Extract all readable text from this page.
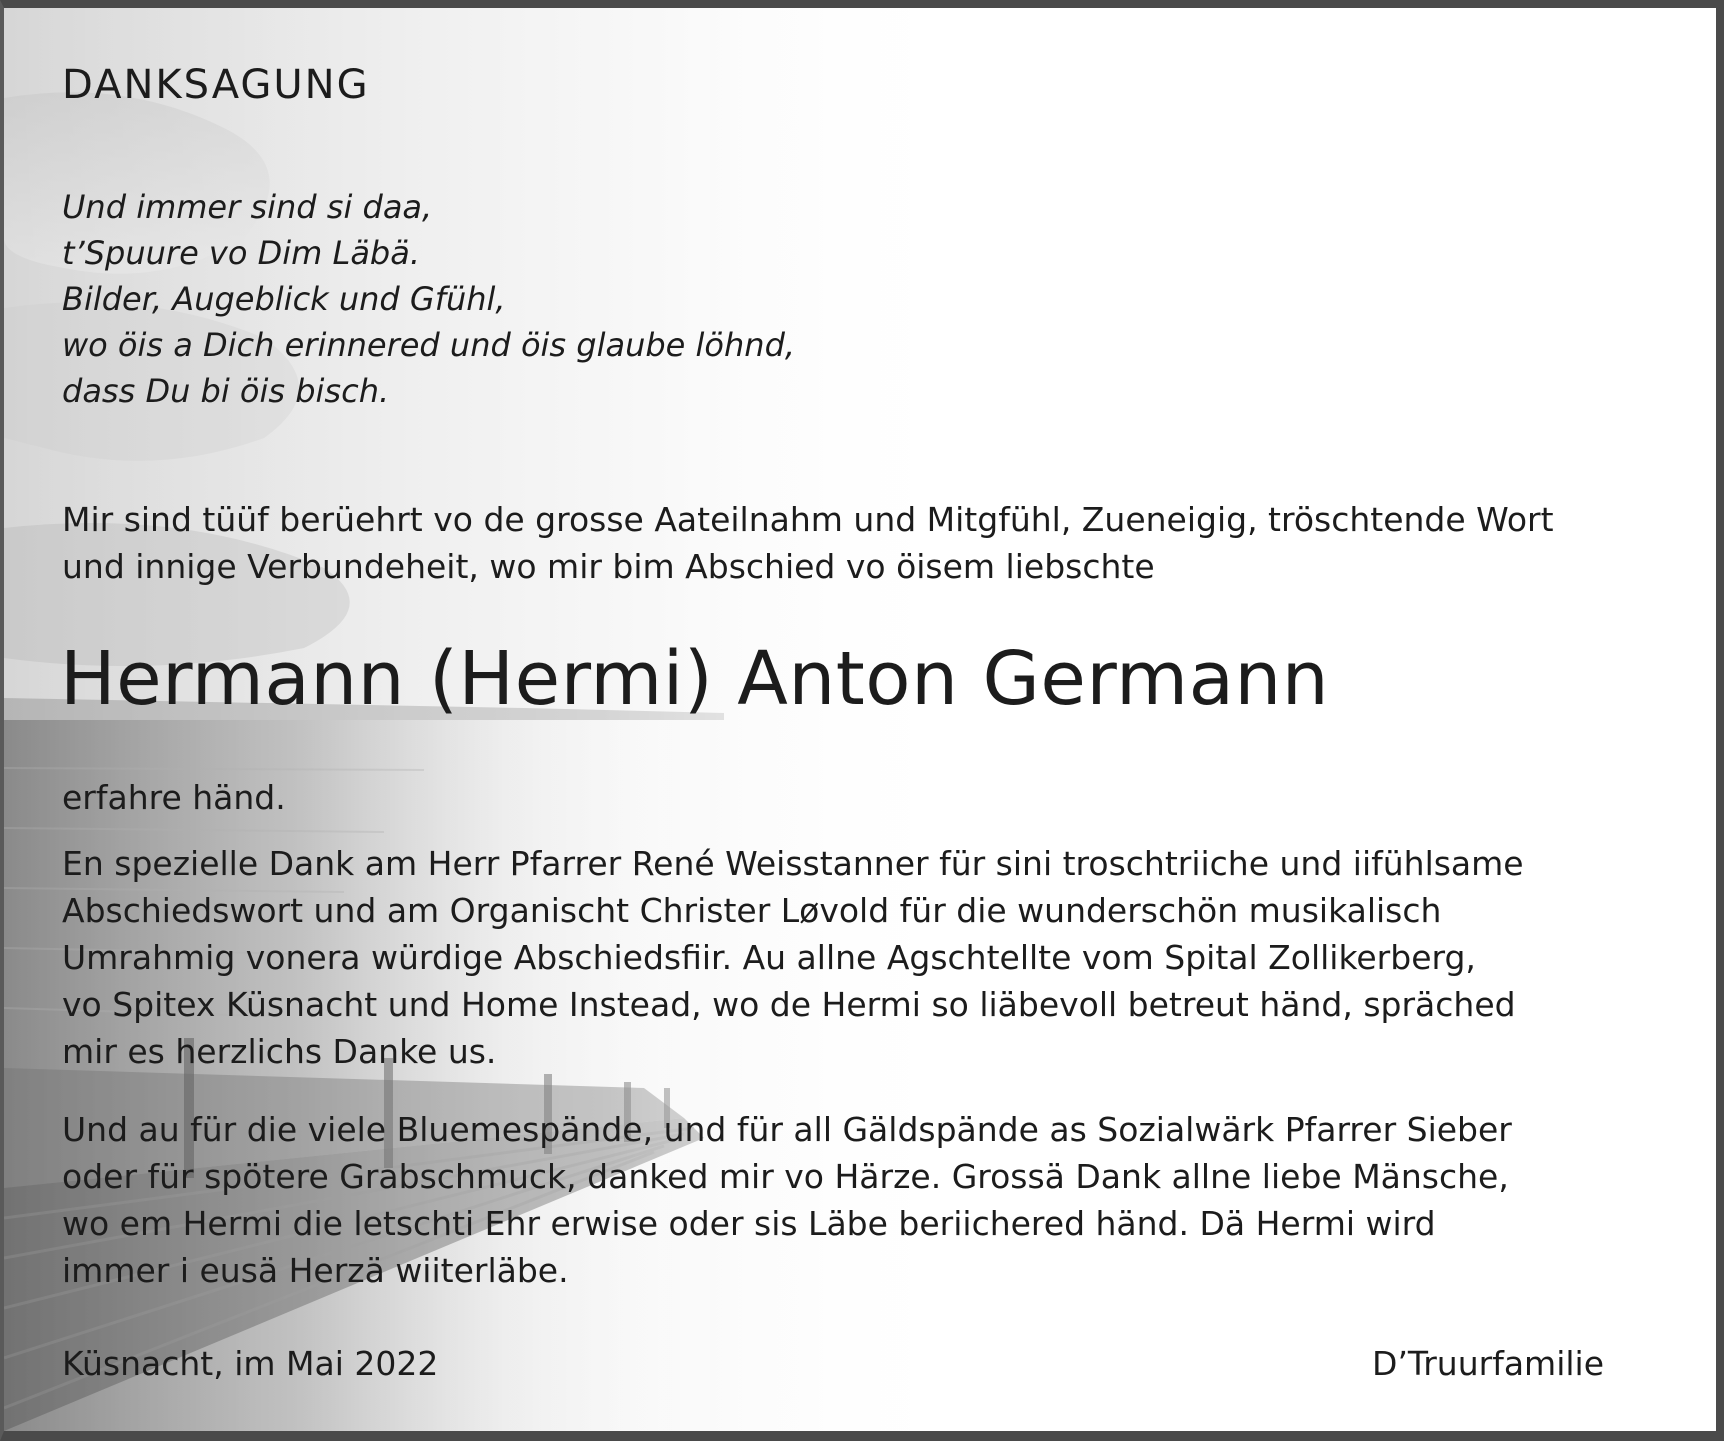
DANKSAGUNG
Und immer sind si daa,
t’Spuure vo Dim Läbä.
Bilder, Augeblick und Gfühl,
wo öis a Dich erinnered und öis glaube löhnd,
dass Du bi öis bisch.
Mir sind tüüf berüehrt vo de grosse Aateilnahm und Mitgfühl, Zueneigig, tröschtende Wort
und innige Verbundeheit, wo mir bim Abschied vo öisem liebschte
Hermann (Hermi) Anton Germann
erfahre händ.
En spezielle Dank am Herr Pfarrer René Weisstanner für sini troschtriiche und iifühlsame
Abschiedswort und am Organischt Christer Løvold für die wunderschön musikalisch
Umrahmig vonera würdige Abschiedsfiir. Au allne Agschtellte vom Spital Zollikerberg,
vo Spitex Küsnacht und Home Instead, wo de Hermi so liäbevoll betreut händ, spräched
mir es herzlichs Danke us.
Und au für die viele Bluemespände, und für all Gäldspände as Sozialwärk Pfarrer Sieber
oder für spötere Grabschmuck, danked mir vo Härze. Grossä Dank allne liebe Mänsche,
wo em Hermi die letschti Ehr erwise oder sis Läbe beriichered händ. Dä Hermi wird
immer i eusä Herzä wiiterläbe.
Küsnacht, im Mai 2022	D’Truurfamilie
